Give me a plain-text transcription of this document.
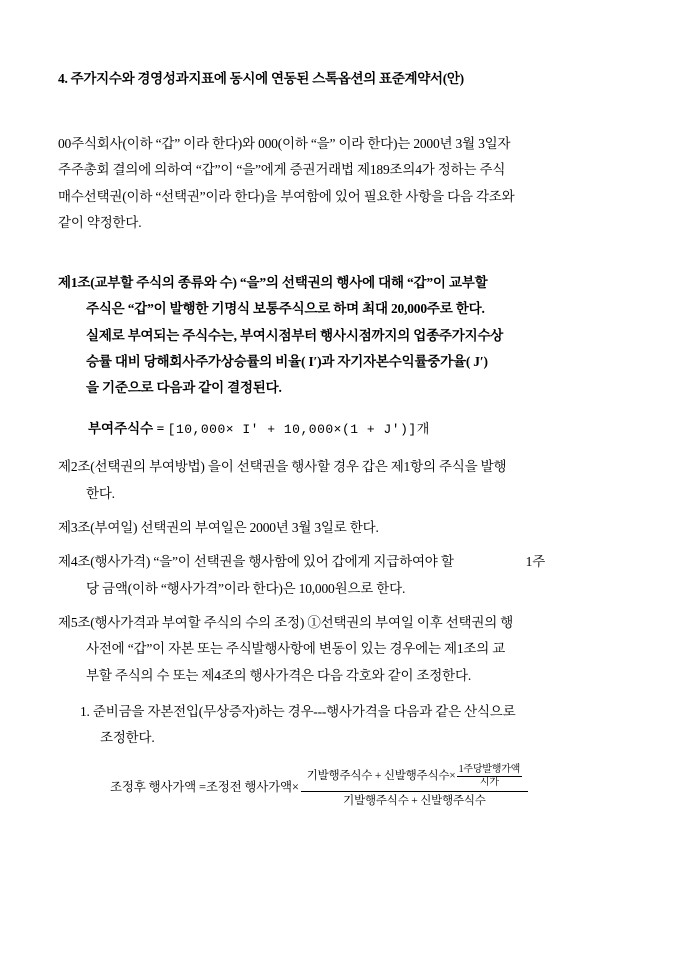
4. 주가지수와 경영성과지표에 동시에 연동된 스톡옵션의 표준계약서(안)
00주식회사(이하 “갑” 이라 한다)와 000(이하 “을” 이라 한다)는 2000년 3월 3일자
주주총회 결의에 의하여 “갑”이 “을”에게 증권거래법 제189조의4가 정하는 주식
매수선택권(이하 “선택권”이라 한다)을 부여함에 있어 필요한 사항을 다음 각조와
같이 약정한다.
제1조(교부할 주식의 종류와 수) “을”의 선택권의 행사에 대해 “갑”이 교부할
주식은 “갑”이 발행한 기명식 보통주식으로 하며 최대 20,000주로 한다.
실제로 부여되는 주식수는, 부여시점부터 행사시점까지의 업종주가지수상
승률 대비 당해회사주가상승률의 비율( I′)과 자기자본수익률중가율( J′)
을 기준으로 다음과 같이 결정된다.
부여주식수 = [10,000× I′ + 10,000×(1 + J′)]개
제2조(선택권의 부여방법) 을이 선택권을 행사할 경우 갑은 제1항의 주식을 발행
한다.
제3조(부여일) 선택권의 부여일은 2000년 3월 3일로 한다.
제4조(행사가격) “을”이 선택권을 행사함에 있어 갑에게 지급하여야 할	1주
당 금액(이하 “행사가격”이라 한다)은 10,000원으로 한다.
제5조(행사가격과 부여할 주식의 수의 조정) ①선택권의 부여일 이후 선택권의 행
사전에 “갑”이 자본 또는 주식발행사항에 변동이 있는 경우에는 제1조의 교
부할 주식의 수 또는 제4조의 행사가격은 다음 각호와 같이 조정한다.
1. 준비금을 자본전입(무상증자)하는 경우---행사가격을 다음과 같은 산식으로
조정한다.
조정후 행사가액 =조정전 행사가액× 기발행주식수 + 신발행주식수×
1주당발행가액
시가
기발행주식수 + 신발행주식수
